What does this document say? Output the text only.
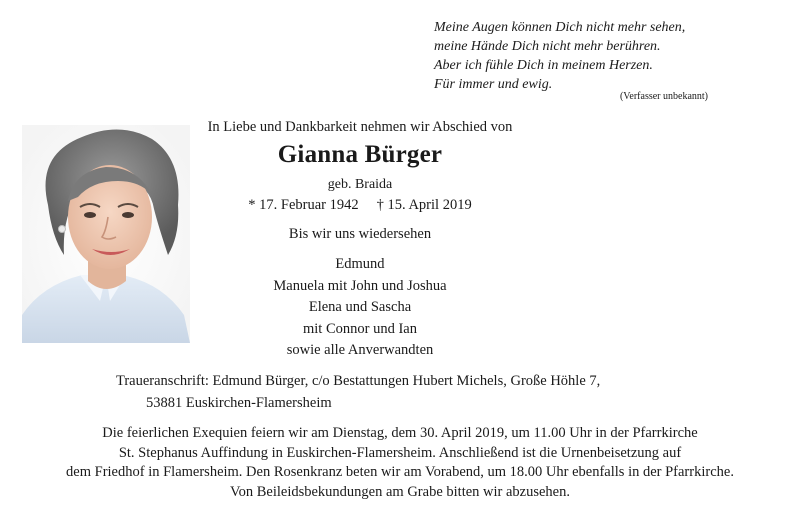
Meine Augen können Dich nicht mehr sehen,
meine Hände Dich nicht mehr berühren.
Aber ich fühle Dich in meinem Herzen.
Für immer und ewig.
(Verfasser unbekannt)
In Liebe und Dankbarkeit nehmen wir Abschied von
Gianna Bürger
geb. Braida
* 17. Februar 1942 † 15. April 2019
Bis wir uns wiedersehen
Edmund
Manuela mit John und Joshua
Elena und Sascha
mit Connor und Ian
sowie alle Anverwandten
Traueranschrift: Edmund Bürger, c/o Bestattungen Hubert Michels, Große Höhle 7,
53881 Euskirchen-Flamersheim
Die feierlichen Exequien feiern wir am Dienstag, dem 30. April 2019, um 11.00 Uhr in der Pfarrkirche
St. Stephanus Auffindung in Euskirchen-Flamersheim. Anschließend ist die Urnenbeisetzung auf
dem Friedhof in Flamersheim. Den Rosenkranz beten wir am Vorabend, um 18.00 Uhr ebenfalls in der Pfarrkirche.
Von Beileidsbekundungen am Grabe bitten wir abzusehen.
